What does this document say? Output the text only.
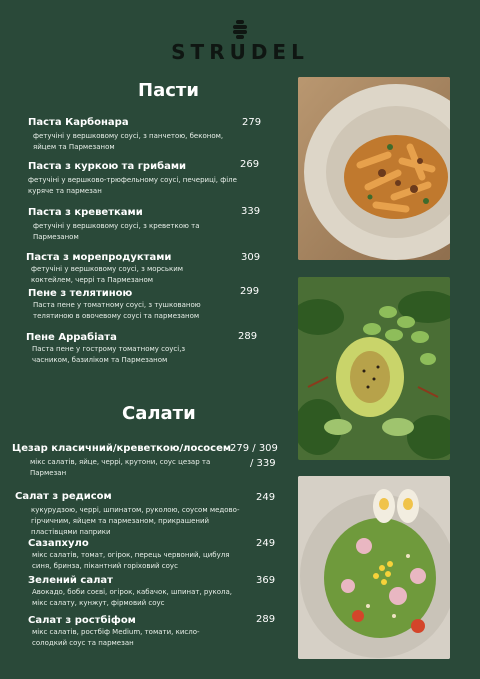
STRUDEL
Пасти
Паста Карбонара
фетучіні у вершковому соусі, з панчетою, беконом, яйцем та Пармезаном
279
Паста з куркою та грибами
фетучіні у вершково-трюфельному соусі, печериці, філе куряче та пармезан
269
Паста з креветками
фетучіні у вершковому соусі, з креветкою та Пармезаном
339
Паста з морепродуктами
фетучіні у вершковому соусі, з морським коктейлем, черрі та Пармезаном
309
Пене з телятиною
Паста пене у томатному соусі, з тушкованою телятиною в овочевому соусі та пармезаном
299
Пене Аррабіата
Паста пене у гострому томатному соусі,з часником, базиліком та Пармезаном
289
Салати
Цезар класичний/креветкою/лососем
мікс салатів, яйце, черрі, крутони, соус цезар та Пармезан
279 / 309
/ 339
Салат з редисом
кукурудзою, черрі, шпинатом, руколою, соусом медово-гірчичним, яйцем та пармезаном, прикрашений пластівцями паприки
249
Сазапхуло
мікс салатів, томат, огірок, перець червоний, цибуля синя, бринза, пікантний горіховий соус
249
Зелений салат
Авокадо, боби соєві, огірок, кабачок, шпинат, рукола, мікс салату, кунжут, фірмовий соус
369
Салат з ростбіфом
мікс салатів, ростбіф Medium, томати, кисло-солодкий соус та пармезан
289
